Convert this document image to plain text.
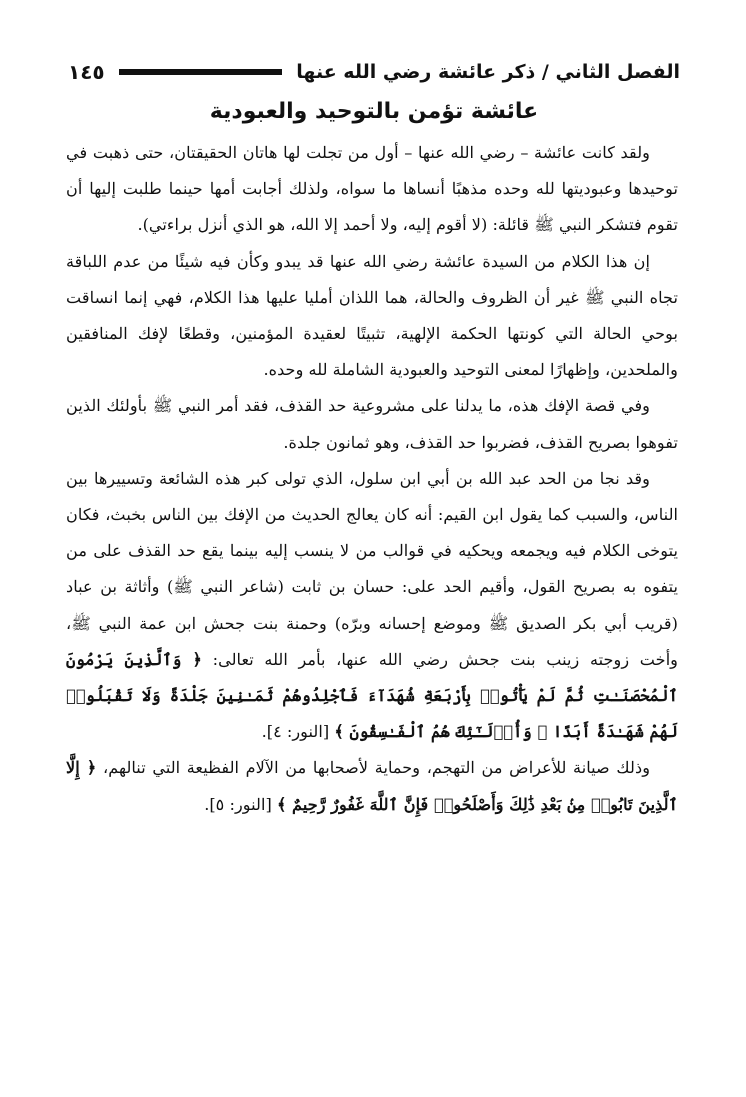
الفصل الثاني / ذكر عائشة رضي الله عنها
١٤٥
عائشة تؤمن بالتوحيد والعبودية

ولقد كانت عائشة – رضي الله عنها – أول من تجلت لها هاتان الحقيقتان، حتى ذهبت في توحيدها وعبوديتها لله وحده مذهبًا أنساها ما سواه، ولذلك أجابت أمها حينما طلبت إليها أن تقوم فتشكر النبي ﷺ قائلة: (لا أقوم إليه، ولا أحمد إلا الله، هو الذي أنزل براءتي).

إن هذا الكلام من السيدة عائشة رضي الله عنها قد يبدو وكأن فيه شيئًا من عدم اللباقة تجاه النبي ﷺ غير أن الظروف والحالة، هما اللذان أمليا عليها هذا الكلام، فهي إنما انساقت بوحي الحالة التي كونتها الحكمة الإلهية، تثبيتًا لعقيدة المؤمنين، وقطعًا لإفك المنافقين والملحدين، وإظهارًا لمعنى التوحيد والعبودية الشاملة لله وحده.

وفي قصة الإفك هذه، ما يدلنا على مشروعية حد القذف، فقد أمر النبي ﷺ بأولئك الذين تفوهوا بصريح القذف، فضربوا حد القذف، وهو ثمانون جلدة.

وقد نجا من الحد عبد الله بن أبي ابن سلول، الذي تولى كبر هذه الشائعة وتسييرها بين الناس، والسبب كما يقول ابن القيم: أنه كان يعالج الحديث من الإفك بين الناس بخبث، فكان يتوخى الكلام فيه ويجمعه ويحكيه في قوالب من لا ينسب إليه بينما يقع حد القذف على من يتفوه به بصريح القول، وأقيم الحد على: حسان بن ثابت (شاعر النبي ﷺ) وأثاثة بن عباد (قريب أبي بكر الصديق ﷺ وموضع إحسانه وبرّه) وحمنة بنت جحش ابن عمة النبي ﷺ، وأخت زوجته زينب بنت جحش رضي الله عنها، بأمر الله تعالى: ﴿ وَٱلَّذِينَ يَرْمُونَ ٱلْمُحْصَنَـٰتِ ثُمَّ لَمْ يَأْتُوا۟ بِأَرْبَعَةِ شُهَدَآءَ فَٱجْلِدُوهُمْ ثَمَـٰنِينَ جَلْدَةً وَلَا تَقْبَلُوا۟ لَهُمْ شَهَـٰدَةً أَبَدًا ۚ وَأُو۟لَـٰٓئِكَ هُمُ ٱلْفَـٰسِقُونَ ﴾ [النور: ٤].

وذلك صيانة للأعراض من التهجم، وحماية لأصحابها من الآلام الفظيعة التي تنالهم، ﴿ إِلَّا ٱلَّذِينَ تَابُوا۟ مِنۢ بَعْدِ ذَٰلِكَ وَأَصْلَحُوا۟ فَإِنَّ ٱللَّهَ غَفُورٌ رَّحِيمٌ ﴾ [النور: ٥].
